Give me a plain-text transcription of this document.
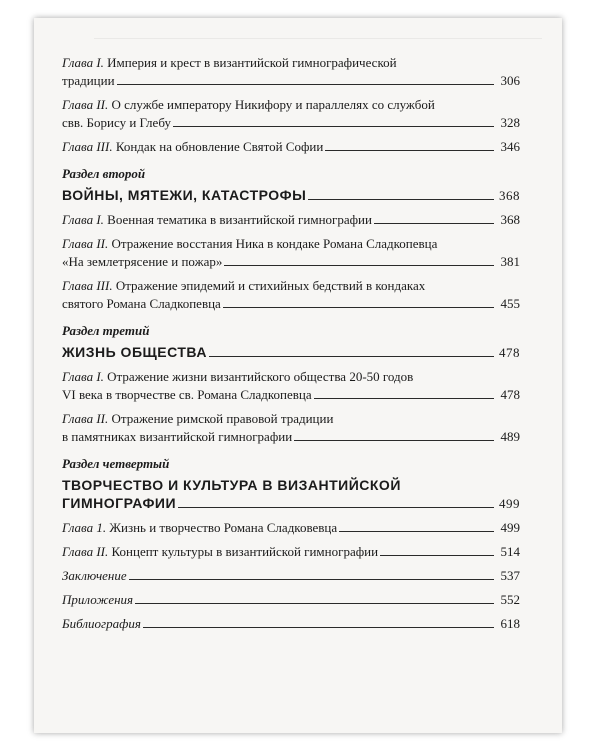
Глава I. Империя и крест в византийской гимнографической
традиции	306
Глава II. О службе императору Никифору и параллелях со службой
свв. Борису и Глебу	328
Глава III.
Кондак на обновление Святой Софии	346
Раздел второй
ВОЙНЫ, МЯТЕЖИ, КАТАСТРОФЫ	368
Глава I.
Военная тематика в византийской гимнографии	368
Глава II. Отражение восстания Ника в кондаке Романа Сладкопевца
«На землетрясение и пожар»	381
Глава III. Отражение эпидемий и стихийных бедствий в кондаках
святого Романа Сладкопевца	455
Раздел третий
ЖИЗНЬ ОБЩЕСТВА	478
Глава I. Отражение жизни византийского общества 20-50 годов
VI века в творчестве св. Романа Сладкопевца	478
Глава II. Отражение римской правовой традиции
в памятниках византийской гимнографии	489
Раздел четвертый
ТВОРЧЕСТВО И КУЛЬТУРА В ВИЗАНТИЙСКОЙ
ГИМНОГРАФИИ	499
Глава 1.
Жизнь и творчество Романа Сладковевца	499
Глава II.
Концепт культуры в византийской гимнографии	514
Заключение	537
Приложения	552
Библиография	618
